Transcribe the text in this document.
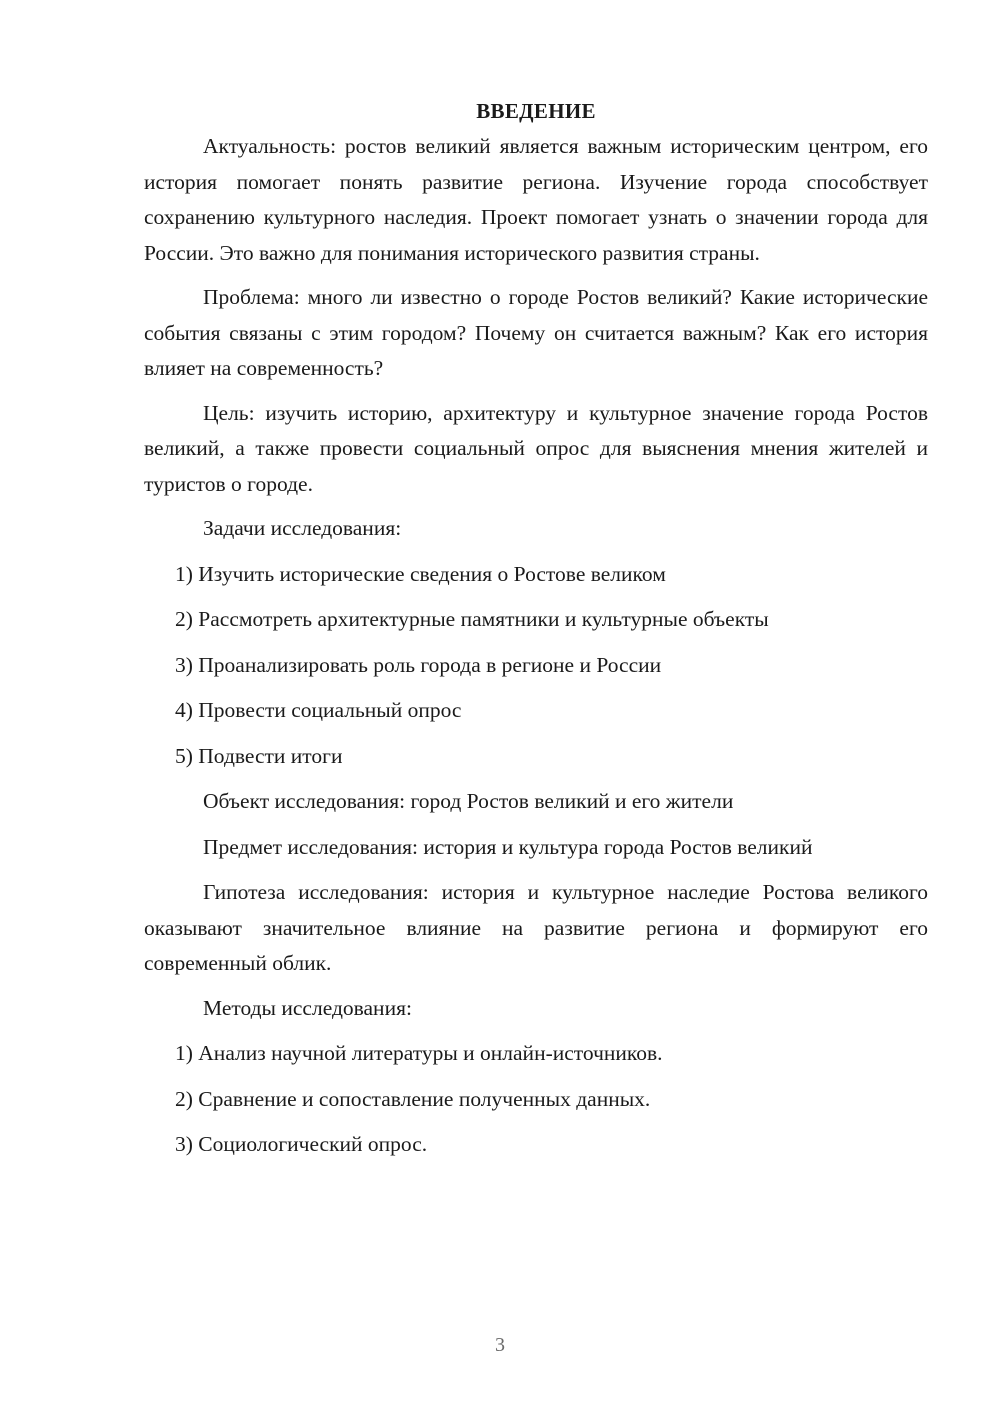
ВВЕДЕНИЕ

Актуальность: ростов великий является важным историческим центром, его история помогает понять развитие региона. Изучение города способствует сохранению культурного наследия. Проект помогает узнать о значении города для России. Это важно для понимания исторического развития страны.

Проблема: много ли известно о городе Ростов великий? Какие исторические события связаны с этим городом? Почему он считается важным? Как его история влияет на современность?

Цель: изучить историю, архитектуру и культурное значение города Ростов великий, а также провести социальный опрос для выяснения мнения жителей и туристов о городе.

Задачи исследования:
1) Изучить исторические сведения о Ростове великом
2) Рассмотреть архитектурные памятники и культурные объекты
3) Проанализировать роль города в регионе и России
4) Провести социальный опрос
5) Подвести итоги
Объект исследования: город Ростов великий и его жители
Предмет исследования: история и культура города Ростов великий

Гипотеза исследования: история и культурное наследие Ростова великого оказывают значительное влияние на развитие региона и формируют его современный облик.

Методы исследования:
1) Анализ научной литературы и онлайн-источников.
2) Сравнение и сопоставление полученных данных.
3) Социологический опрос.
3
